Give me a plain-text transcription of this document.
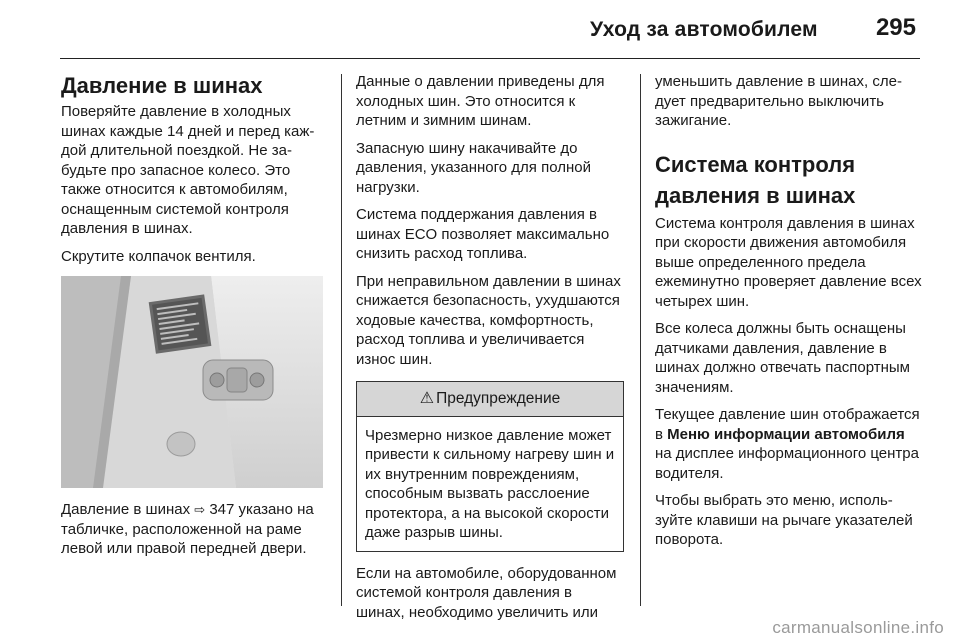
Уход за автомобилем 295
Давление в шинах

Поверяйте давление в холодных шинах каждые 14 дней и перед каждой длительной поездкой. Не забудьте про запасное колесо. Это также относится к автомобилям, оснащенным системой контроля давления в шинах.

Скрутите колпачок вентиля.

Давление в шинах ⇨ 347 указано на табличке, расположенной на раме левой или правой передней двери.

Данные о давлении приведены для холодных шин. Это относится к летним и зимним шинам.

Запасную шину накачивайте до давления, указанного для полной нагрузки.

Система поддержания давления в шинах ECO позволяет максимально снизить расход топлива.

При неправильном давлении в шинах снижается безопасность, ухудшаются ходовые качества, комфортность, расход топлива и увеличивается износ шин.

⚠ Предупреждение
Чрезмерно низкое давление может привести к сильному нагреву шин и их внутренним повреждениям, способным вызвать расслоение протектора, а на высокой скорости даже разрыв шины.

Если на автомобиле, оборудованном системой контроля давления в шинах, необходимо увеличить или

уменьшить давление в шинах, следует предварительно выключить зажигание.

Система контроля давления в шинах

Система контроля давления в шинах при скорости движения автомобиля выше определенного предела ежеминутно проверяет давление всех четырех шин.

Все колеса должны быть оснащены датчиками давления, давление в шинах должно отвечать паспортным значениям.

Текущее давление шин отображается в Меню информации автомобиля на дисплее информационного центра водителя.

Чтобы выбрать это меню, используйте клавиши на рычаге указателей поворота.

carmanualsonline.info
